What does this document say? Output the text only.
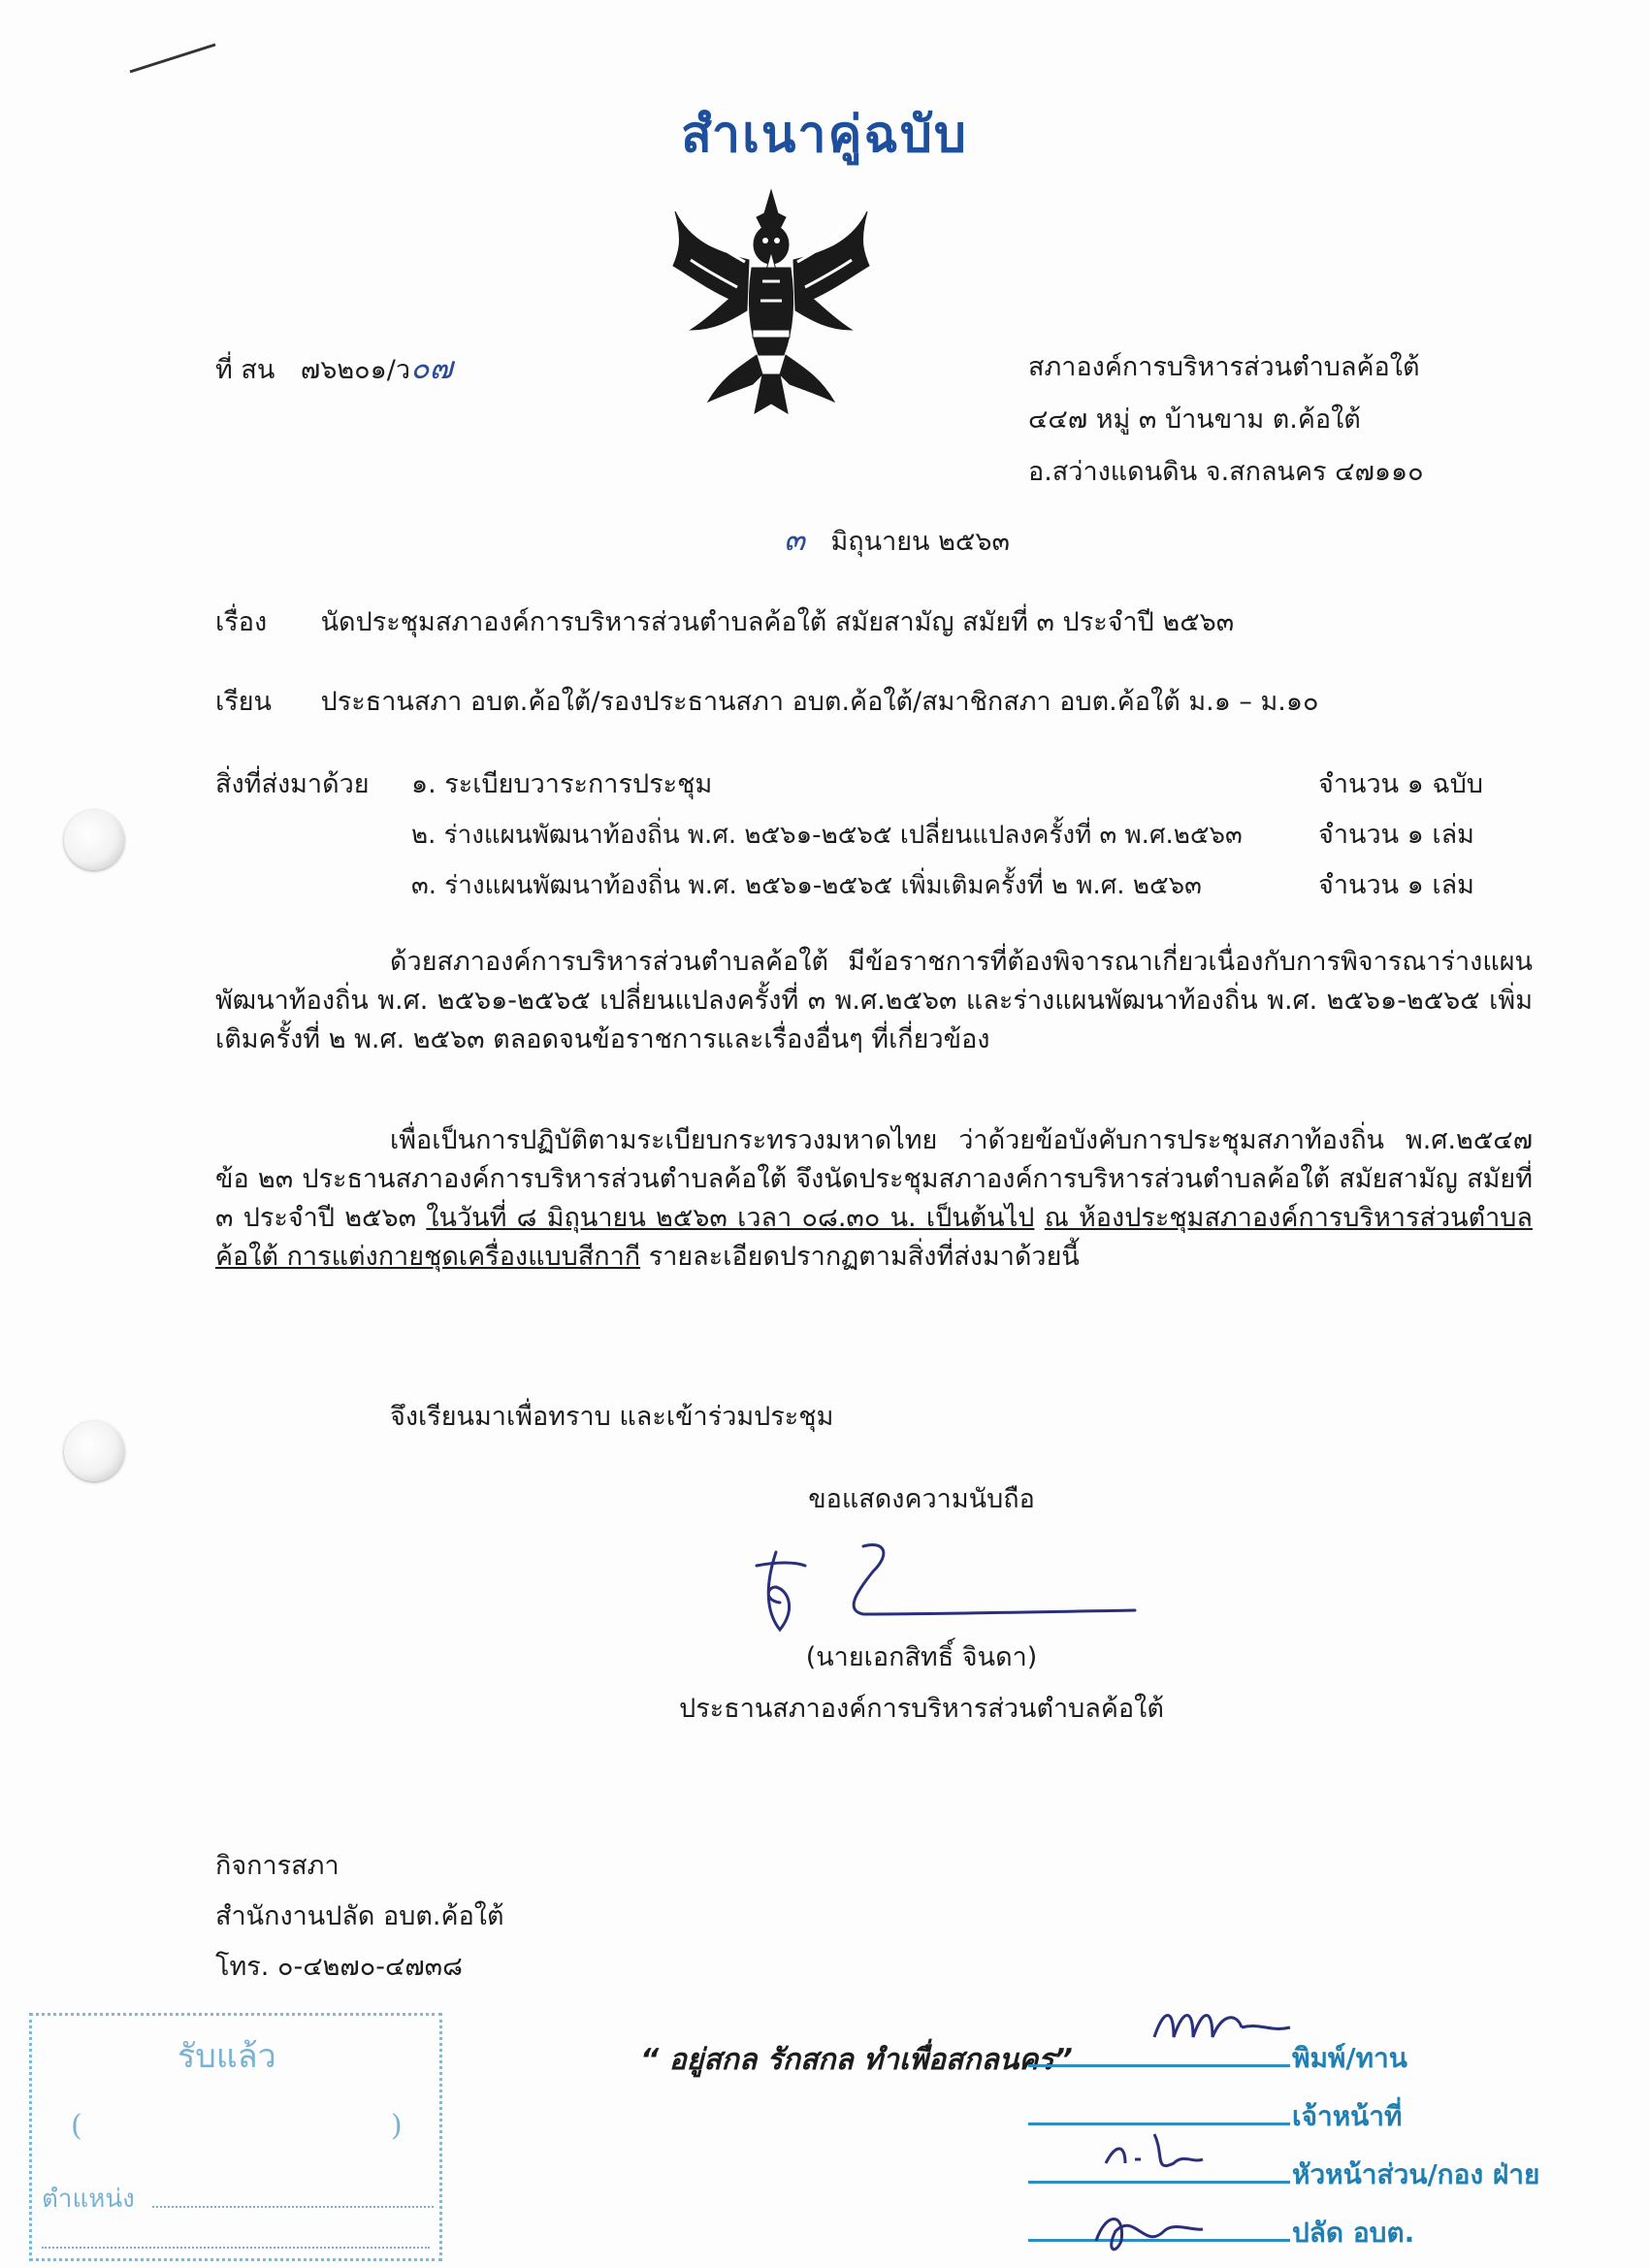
สำเนาคู่ฉบับ
ที่ สน ๗๖๒๐๑/ว๐๗	สภาองค์การบริหารส่วนตำบลค้อใต้
๔๔๗ หมู่ ๓ บ้านขาม ต.ค้อใต้
อ.สว่างแดนดิน จ.สกลนคร ๔๗๑๑๐
๓ มิถุนายน ๒๕๖๓
เรื่อง นัดประชุมสภาองค์การบริหารส่วนตำบลค้อใต้ สมัยสามัญ สมัยที่ ๓ ประจำปี ๒๕๖๓
เรียน ประธานสภา อบต.ค้อใต้/รองประธานสภา อบต.ค้อใต้/สมาชิกสภา อบต.ค้อใต้ ม.๑ – ม.๑๐
สิ่งที่ส่งมาด้วย ๑. ระเบียบวาระการประชุม	จำนวน ๑ ฉบับ
๒. ร่างแผนพัฒนาท้องถิ่น พ.ศ. ๒๕๖๑-๒๕๖๕ เปลี่ยนแปลงครั้งที่ ๓ พ.ศ.๒๕๖๓	จำนวน ๑ เล่ม
๓. ร่างแผนพัฒนาท้องถิ่น พ.ศ. ๒๕๖๑-๒๕๖๕ เพิ่มเติมครั้งที่ ๒ พ.ศ. ๒๕๖๓	จำนวน ๑ เล่ม
ด้วยสภาองค์การบริหารส่วนตำบลค้อใต้ มีข้อราชการที่ต้องพิจารณาเกี่ยวเนื่องกับการพิจารณาร่างแผนพัฒนาท้องถิ่น พ.ศ. ๒๕๖๑-๒๕๖๕ เปลี่ยนแปลงครั้งที่ ๓ พ.ศ.๒๕๖๓ และร่างแผนพัฒนาท้องถิ่น พ.ศ. ๒๕๖๑-๒๕๖๕ เพิ่มเติมครั้งที่ ๒ พ.ศ. ๒๕๖๓ ตลอดจนข้อราชการและเรื่องอื่นๆ ที่เกี่ยวข้อง
เพื่อเป็นการปฏิบัติตามระเบียบกระทรวงมหาดไทย ว่าด้วยข้อบังคับการประชุมสภาท้องถิ่น พ.ศ.๒๕๔๗ ข้อ ๒๓ ประธานสภาองค์การบริหารส่วนตำบลค้อใต้ จึงนัดประชุมสภาองค์การบริหารส่วนตำบลค้อใต้ สมัยสามัญ สมัยที่ ๓ ประจำปี ๒๕๖๓ ในวันที่ ๘ มิถุนายน ๒๕๖๓ เวลา ๐๘.๓๐ น. เป็นต้นไป ณ ห้องประชุมสภาองค์การบริหารส่วนตำบลค้อใต้ การแต่งกายชุดเครื่องแบบสีกากี รายละเอียดปรากฏตามสิ่งที่ส่งมาด้วยนี้
จึงเรียนมาเพื่อทราบ และเข้าร่วมประชุม
ขอแสดงความนับถือ
(นายเอกสิทธิ์ จินดา)
ประธานสภาองค์การบริหารส่วนตำบลค้อใต้
กิจการสภา
สำนักงานปลัด อบต.ค้อใต้
โทร. ๐-๔๒๗๐-๔๗๓๘
รับแล้ว
(	)
ตำแหน่ง
“ อยู่สกล รักสกล ทำเพื่อสกลนคร”	พิมพ์/ทาน
เจ้าหน้าที่
หัวหน้าส่วน/กอง ฝ่าย
ปลัด อบต.
